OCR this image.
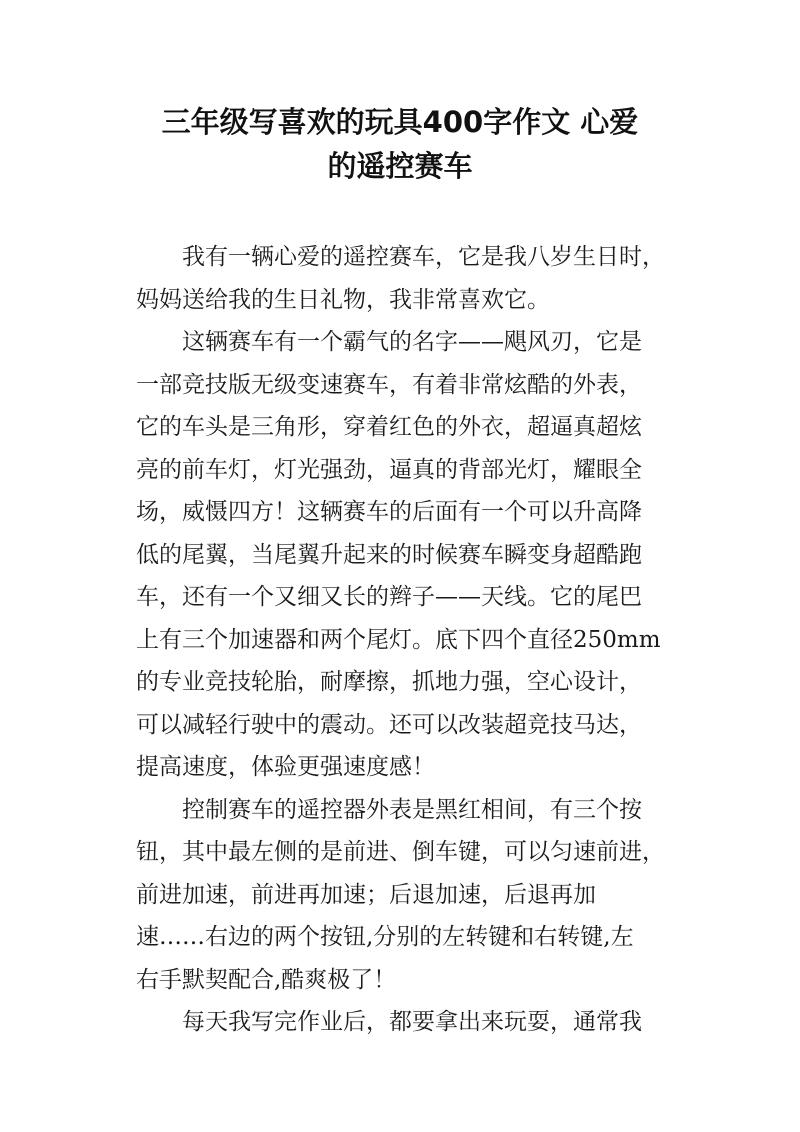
三年级写喜欢的玩具400字作文 心爱
的遥控赛车
我有一辆心爱的遥控赛车，它是我八岁生日时，
妈妈送给我的生日礼物，我非常喜欢它。
这辆赛车有一个霸气的名字——飓风刃，它是
一部竞技版无级变速赛车，有着非常炫酷的外表，
它的车头是三角形，穿着红色的外衣，超逼真超炫
亮的前车灯，灯光强劲，逼真的背部光灯，耀眼全
场，威慑四方！这辆赛车的后面有一个可以升高降
低的尾翼，当尾翼升起来的时候赛车瞬变身超酷跑
车，还有一个又细又长的辫子——天线。它的尾巴
上有三个加速器和两个尾灯。底下四个直径250mm
的专业竞技轮胎，耐摩擦，抓地力强，空心设计，
可以减轻行驶中的震动。还可以改装超竞技马达，
提高速度，体验更强速度感！
控制赛车的遥控器外表是黑红相间，有三个按
钮，其中最左侧的是前进、倒车键，可以匀速前进，
前进加速，前进再加速；后退加速，后退再加
速……右边的两个按钮,分别的左转键和右转键,左
右手默契配合,酷爽极了！
每天我写完作业后，都要拿出来玩耍，通常我
